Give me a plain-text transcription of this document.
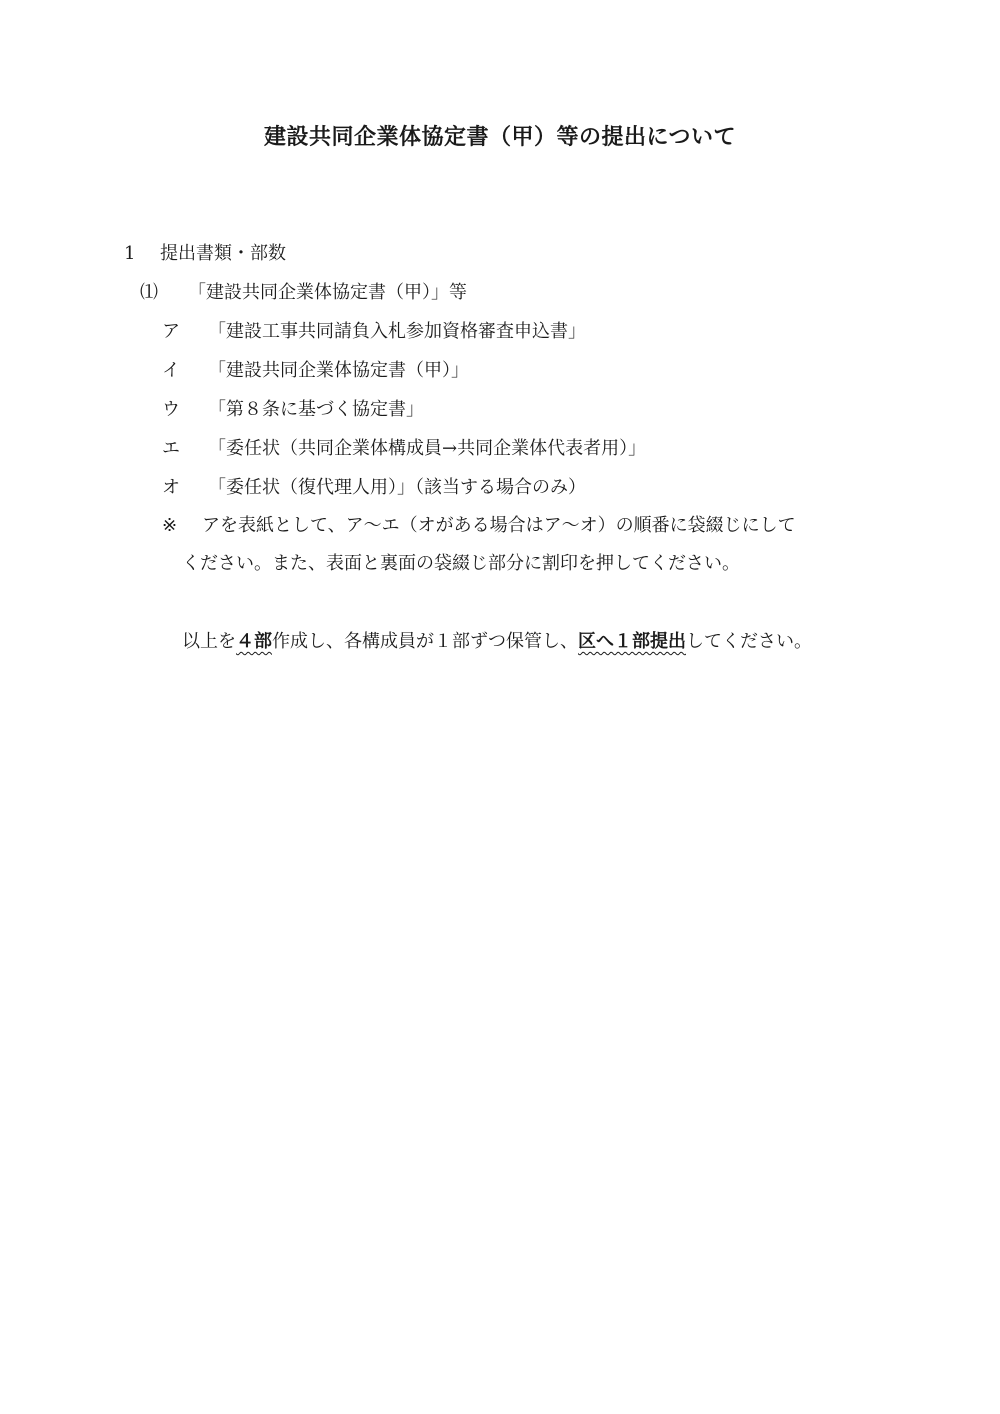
建設共同企業体協定書（甲）等の提出について
1 提出書類・部数
⑴ 「建設共同企業体協定書（甲）」等
ア 「建設工事共同請負入札参加資格審査申込書」
イ 「建設共同企業体協定書（甲）」
ウ 「第８条に基づく協定書」
エ 「委任状（共同企業体構成員→共同企業体代表者用）」
オ 「委任状（復代理人用）」（該当する場合のみ）
※ アを表紙として、ア～エ（オがある場合はア～オ）の順番に袋綴じにして
ください。また、表面と裏面の袋綴じ部分に割印を押してください。
以上を４部作成し、各構成員が１部ずつ保管し、区へ１部提出してください。
